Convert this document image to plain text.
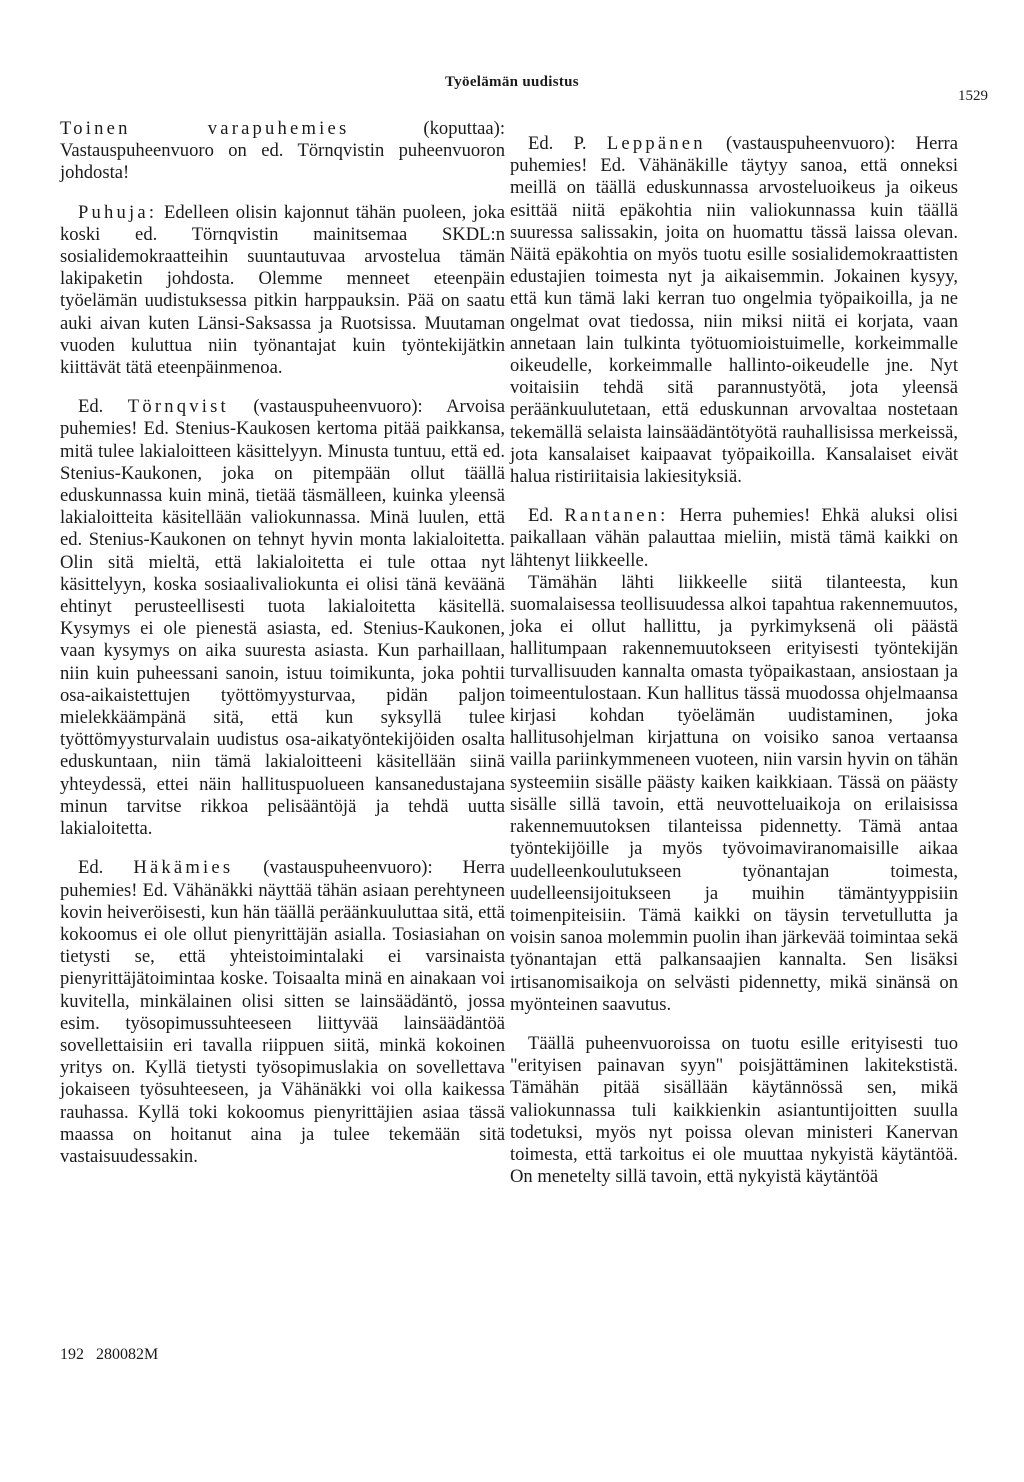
Työelämän uudistus
1529

Toinen varapuhemies (koputtaa): Vastauspuheenvuoro on ed. Törnqvistin puheenvuoron johdosta!

Puhuja: Edelleen olisin kajonnut tähän puoleen, joka koski ed. Törnqvistin mainitsemaa SKDL:n sosialidemokraatteihin suuntautuvaa arvostelua tämän lakipaketin johdosta. Olemme menneet eteenpäin työelämän uudistuksessa pitkin harppauksin. Pää on saatu auki aivan kuten Länsi-Saksassa ja Ruotsissa. Muutaman vuoden kuluttua niin työnantajat kuin työntekijätkin kiittävät tätä eteenpäinmenoa.

Ed. Törnqvist (vastauspuheenvuoro): Arvoisa puhemies! Ed. Stenius-Kaukosen kertoma pitää paikkansa, mitä tulee lakialoitteen käsittelyyn. Minusta tuntuu, että ed. Stenius-Kaukonen, joka on pitempään ollut täällä eduskunnassa kuin minä, tietää täsmälleen, kuinka yleensä lakialoitteita käsitellään valiokunnassa. Minä luulen, että ed. Stenius-Kaukonen on tehnyt hyvin monta lakialoitetta. Olin sitä mieltä, että lakialoitetta ei tule ottaa nyt käsittelyyn, koska sosiaalivaliokunta ei olisi tänä keväänä ehtinyt perusteellisesti tuota lakialoitetta käsitellä. Kysymys ei ole pienestä asiasta, ed. Stenius-Kaukonen, vaan kysymys on aika suuresta asiasta. Kun parhaillaan, niin kuin puheessani sanoin, istuu toimikunta, joka pohtii osa-aikaistettujen työttömyysturvaa, pidän paljon mielekkäämpänä sitä, että kun syksyllä tulee työttömyysturvalain uudistus osa-aikatyöntekijöiden osalta eduskuntaan, niin tämä lakialoitteeni käsitellään siinä yhteydessä, ettei näin hallituspuolueen kansanedustajana minun tarvitse rikkoa pelisääntöjä ja tehdä uutta lakialoitetta.

Ed. Häkämies (vastauspuheenvuoro): Herra puhemies! Ed. Vähänäkki näyttää tähän asiaan perehtyneen kovin heiveröisesti, kun hän täällä peräänkuuluttaa sitä, että kokoomus ei ole ollut pienyrittäjän asialla. Tosiasiahan on tietysti se, että yhteistoimintalaki ei varsinaista pienyrittäjätoimintaa koske. Toisaalta minä en ainakaan voi kuvitella, minkälainen olisi sitten se lainsäädäntö, jossa esim. työsopimussuhteeseen liittyvää lainsäädäntöä sovellettaisiin eri tavalla riippuen siitä, minkä kokoinen yritys on. Kyllä tietysti työsopimuslakia on sovellettava jokaiseen työsuhteeseen, ja Vähänäkki voi olla kaikessa rauhassa. Kyllä toki kokoomus pienyrittäjien asiaa tässä maassa on hoitanut aina ja tulee tekemään sitä vastaisuudessakin.

Ed. P. Leppänen (vastauspuheenvuoro): Herra puhemies! Ed. Vähänäkille täytyy sanoa, että onneksi meillä on täällä eduskunnassa arvosteluoikeus ja oikeus esittää niitä epäkohtia niin valiokunnassa kuin täällä suuressa salissakin, joita on huomattu tässä laissa olevan. Näitä epäkohtia on myös tuotu esille sosialidemokraattisten edustajien toimesta nyt ja aikaisemmin. Jokainen kysyy, että kun tämä laki kerran tuo ongelmia työpaikoilla, ja ne ongelmat ovat tiedossa, niin miksi niitä ei korjata, vaan annetaan lain tulkinta työtuomioistuimelle, korkeimmalle oikeudelle, korkeimmalle hallinto-oikeudelle jne. Nyt voitaisiin tehdä sitä parannustyötä, jota yleensä peräänkuulutetaan, että eduskunnan arvovaltaa nostetaan tekemällä selaista lainsäädäntötyötä rauhallisissa merkeissä, jota kansalaiset kaipaavat työpaikoilla. Kansalaiset eivät halua ristiriitaisia lakiesityksiä.

Ed. Rantanen: Herra puhemies! Ehkä aluksi olisi paikallaan vähän palauttaa mieliin, mistä tämä kaikki on lähtenyt liikkeelle.

Tämähän lähti liikkeelle siitä tilanteesta, kun suomalaisessa teollisuudessa alkoi tapahtua rakennemuutos, joka ei ollut hallittu, ja pyrkimyksenä oli päästä hallitumpaan rakennemuutokseen erityisesti työntekijän turvallisuuden kannalta omasta työpaikastaan, ansiostaan ja toimeentulostaan. Kun hallitus tässä muodossa ohjelmaansa kirjasi kohdan työelämän uudistaminen, joka hallitusohjelman kirjattuna on voisiko sanoa vertaansa vailla pariinkymmeneen vuoteen, niin varsin hyvin on tähän systeemiin sisälle päästy kaiken kaikkiaan. Tässä on päästy sisälle sillä tavoin, että neuvotteluaikoja on erilaisissa rakennemuutoksen tilanteissa pidennetty. Tämä antaa työntekijöille ja myös työvoimaviranomaisille aikaa uudelleenkoulutukseen työnantajan toimesta, uudelleensijoitukseen ja muihin tämäntyyppisiin toimenpiteisiin. Tämä kaikki on täysin tervetullutta ja voisin sanoa molemmin puolin ihan järkevää toimintaa sekä työnantajan että palkansaajien kannalta. Sen lisäksi irtisanomisaikoja on selvästi pidennetty, mikä sinänsä on myönteinen saavutus.

Täällä puheenvuoroissa on tuotu esille erityisesti tuo "erityisen painavan syyn" poisjättäminen lakitekstistä. Tämähän pitää sisällään käytännössä sen, mikä valiokunnassa tuli kaikkienkin asiantuntijoitten suulla todetuksi, myös nyt poissa olevan ministeri Kanervan toimesta, että tarkoitus ei ole muuttaa nykyistä käytäntöä. On menetelty sillä tavoin, että nykyistä käytäntöä

192   280082M
